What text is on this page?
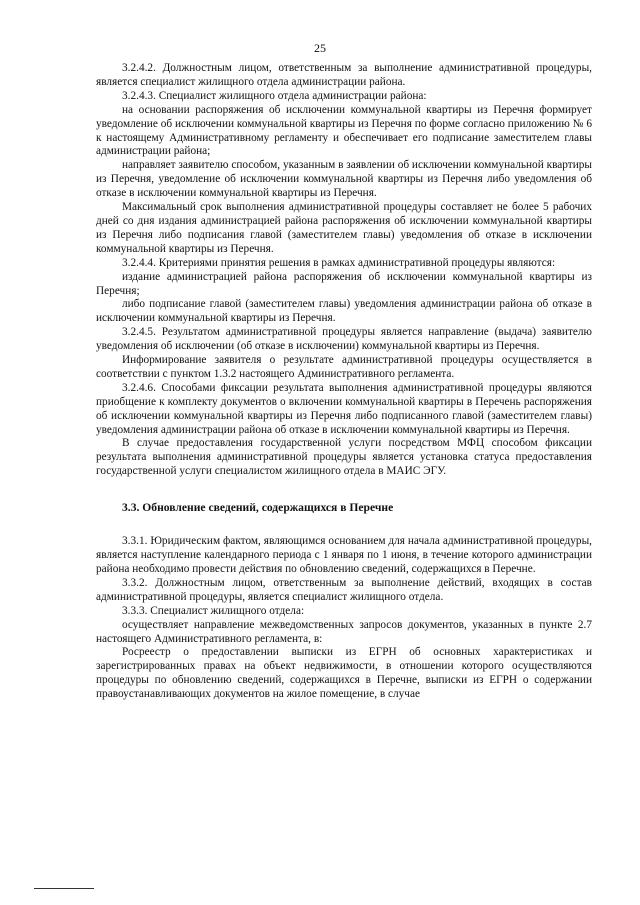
25

3.2.4.2. Должностным лицом, ответственным за выполнение административной процедуры, является специалист жилищного отдела администрации района.

3.2.4.3. Специалист жилищного отдела администрации района:

на основании распоряжения об исключении коммунальной квартиры из Перечня формирует уведомление об исключении коммунальной квартиры из Перечня по форме согласно приложению № 6 к настоящему Административному регламенту и обеспечивает его подписание заместителем главы администрации района;

направляет заявителю способом, указанным в заявлении об исключении коммунальной квартиры из Перечня, уведомление об исключении коммунальной квартиры из Перечня либо уведомления об отказе в исключении коммунальной квартиры из Перечня.

Максимальный срок выполнения административной процедуры составляет не более 5 рабочих дней со дня издания администрацией района распоряжения об исключении коммунальной квартиры из Перечня либо подписания главой (заместителем главы) уведомления об отказе в исключении коммунальной квартиры из Перечня.

3.2.4.4. Критериями принятия решения в рамках административной процедуры являются:

издание администрацией района распоряжения об исключении коммунальной квартиры из Перечня;

либо подписание главой (заместителем главы) уведомления администрации района об отказе в исключении коммунальной квартиры из Перечня.

3.2.4.5. Результатом административной процедуры является направление (выдача) заявителю уведомления об исключении (об отказе в исключении) коммунальной квартиры из Перечня.

Информирование заявителя о результате административной процедуры осуществляется в соответствии с пунктом 1.3.2 настоящего Административного регламента.

3.2.4.6. Способами фиксации результата выполнения административной процедуры являются приобщение к комплекту документов о включении коммунальной квартиры в Перечень распоряжения об исключении коммунальной квартиры из Перечня либо подписанного главой (заместителем главы) уведомления администрации района об отказе в исключении коммунальной квартиры из Перечня.

В случае предоставления государственной услуги посредством МФЦ способом фиксации результата выполнения административной процедуры является установка статуса предоставления государственной услуги специалистом жилищного отдела в МАИС ЭГУ.

3.3. Обновление сведений, содержащихся в Перечне

3.3.1. Юридическим фактом, являющимся основанием для начала административной процедуры, является наступление календарного периода с 1 января по 1 июня, в течение которого администрации района необходимо провести действия по обновлению сведений, содержащихся в Перечне.

3.3.2. Должностным лицом, ответственным за выполнение действий, входящих в состав административной процедуры, является специалист жилищного отдела.

3.3.3. Специалист жилищного отдела:

осуществляет направление межведомственных запросов документов, указанных в пункте 2.7 настоящего Административного регламента, в:

Росреестр о предоставлении выписки из ЕГРН об основных характеристиках и зарегистрированных правах на объект недвижимости, в отношении которого осуществляются процедуры по обновлению сведений, содержащихся в Перечне, выписки из ЕГРН о содержании правоустанавливающих документов на жилое помещение, в случае
